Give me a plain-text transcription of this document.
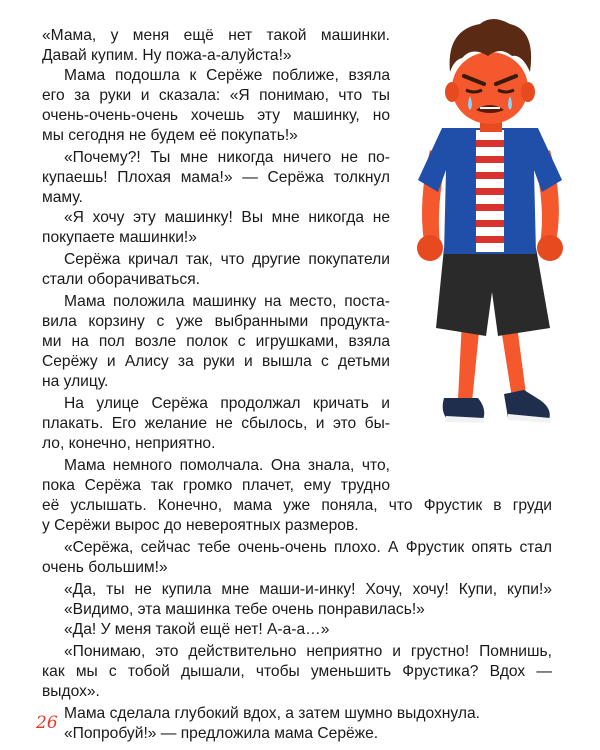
«Мама, у меня ещё нет такой машинки.

Давай купим. Ну пожа-а-алуйста!»

Мама подошла к Серёже поближе, взяла

его за руки и сказала: «Я понимаю, что ты

очень-очень-очень хочешь эту машинку, но

мы сегодня не будем её покупать!»

«Почему?! Ты мне никогда ничего не по-

купаешь! Плохая мама!» — Серёжа толкнул

маму.

«Я хочу эту машинку! Вы мне никогда не

покупаете машинки!»

Серёжа кричал так, что другие покупатели

стали оборачиваться.

Мама положила машинку на место, поста-

вила корзину с уже выбранными продукта-

ми на пол возле полок с игрушками, взяла

Серёжу и Алису за руки и вышла с детьми

на улицу.

На улице Серёжа продолжал кричать и

плакать. Его желание не сбылось, и это бы-

ло, конечно, неприятно.

Мама немного помолчала. Она знала, что,

пока Серёжа так громко плачет, ему трудно

её услышать. Конечно, мама уже поняла, что Фрустик в груди

у Серёжи вырос до невероятных размеров.

«Серёжа, сейчас тебе очень-очень плохо. А Фрустик опять стал

очень большим!»

«Да, ты не купила мне маши-и-инку! Хочу, хочу! Купи, купи!»

«Видимо, эта машинка тебе очень понравилась!»

«Да! У меня такой ещё нет! А-а-а…»

«Понимаю, это действительно неприятно и грустно! Помнишь,

как мы с тобой дышали, чтобы уменьшить Фрустика? Вдох —

выдох».

Мама сделала глубокий вдох, а затем шумно выдохнула.

«Попробуй!» — предложила мама Серёже.

26
